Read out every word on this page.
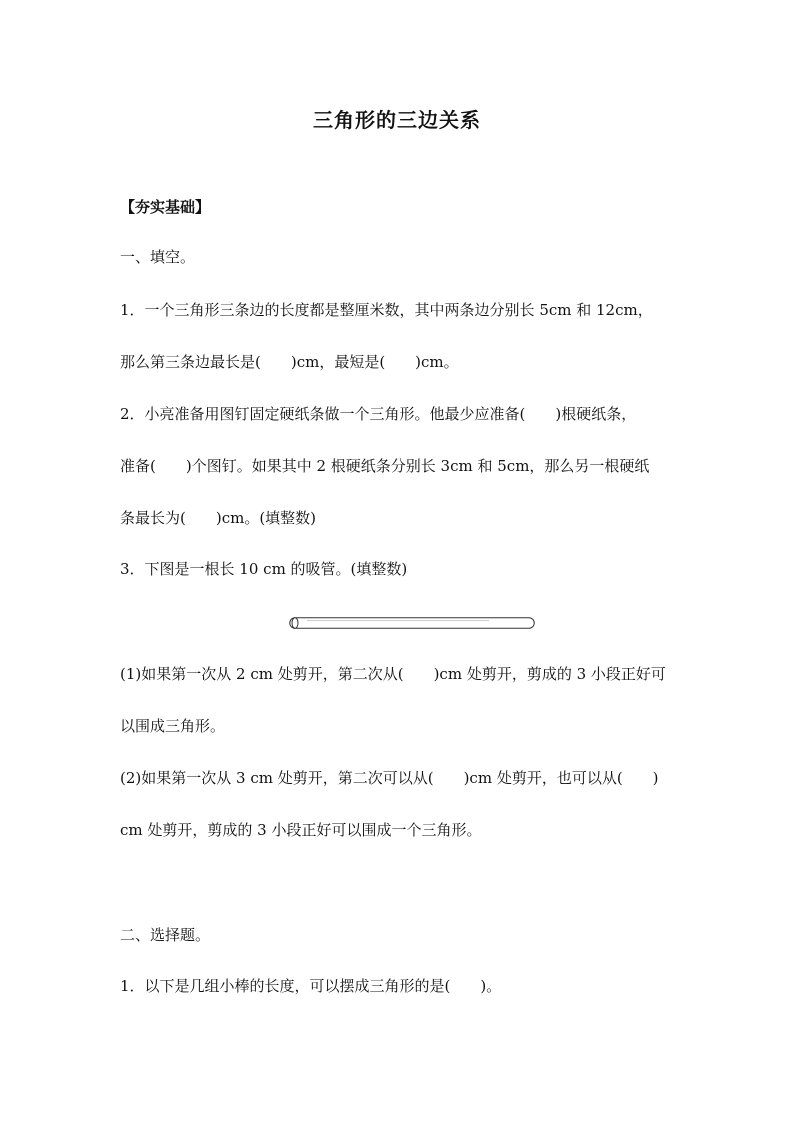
三角形的三边关系
【夯实基础】
一、填空。
1．一个三角形三条边的长度都是整厘米数，其中两条边分别长 5cm 和 12cm，
那么第三条边最长是(　　)cm，最短是(　　)cm。
2．小亮准备用图钉固定硬纸条做一个三角形。他最少应准备(　　)根硬纸条，
准备(　　)个图钉。如果其中 2 根硬纸条分别长 3cm 和 5cm，那么另一根硬纸
条最长为(　　)cm。(填整数)
3．下图是一根长 10 cm 的吸管。(填整数)
(1)如果第一次从 2 cm 处剪开，第二次从(　　)cm 处剪开，剪成的 3 小段正好可
以围成三角形。
(2)如果第一次从 3 cm 处剪开，第二次可以从(　　)cm 处剪开，也可以从(　　)
cm 处剪开，剪成的 3 小段正好可以围成一个三角形。
二、选择题。
1．以下是几组小棒的长度，可以摆成三角形的是(　　)。
